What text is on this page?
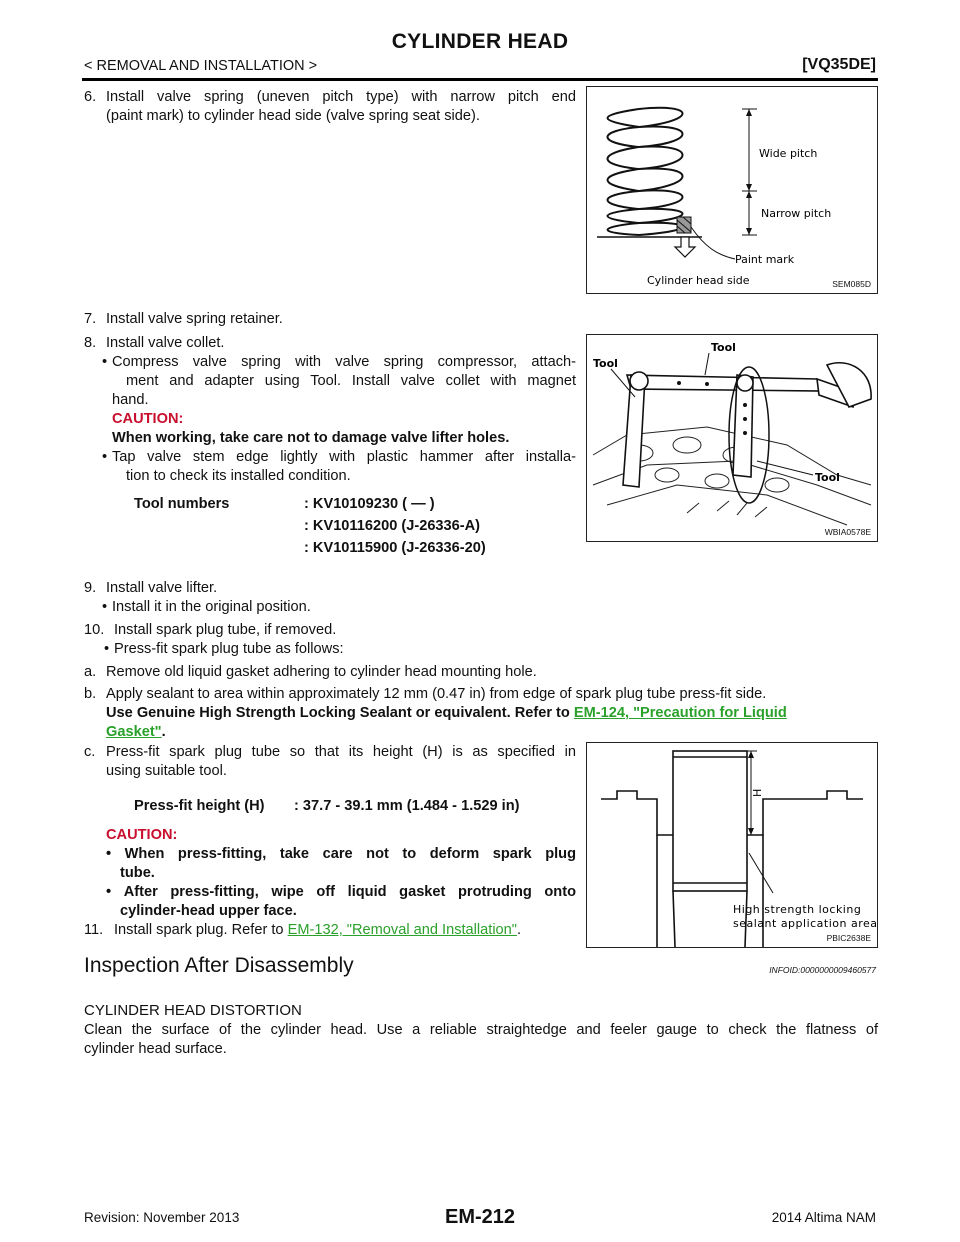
CYLINDER HEAD
< REMOVAL AND INSTALLATION >	[VQ35DE]
6. Install valve spring (uneven pitch type) with narrow pitch end
(paint mark) to cylinder head side (valve spring seat side).
Wide pitch
Narrow pitch
Paint mark
Cylinder head side	SEM085D
7. Install valve spring retainer.
8. Install valve collet.
• Compress valve spring with valve spring compressor, attach-
ment and adapter using Tool. Install valve collet with magnet
hand.
CAUTION:
When working, take care not to damage valve lifter holes.
• Tap valve stem edge lightly with plastic hammer after installa-
tion to check its installed condition.
Tool numbers	: KV10109230 ( — )
	: KV10116200 (J-26336-A)
	: KV10115900 (J-26336-20)
Tool
Tool
Tool
WBIA0578E
9. Install valve lifter.
• Install it in the original position.
10. Install spark plug tube, if removed.
• Press-fit spark plug tube as follows:
a. Remove old liquid gasket adhering to cylinder head mounting hole.
b. Apply sealant to area within approximately 12 mm (0.47 in) from edge of spark plug tube press-fit side.
Use Genuine High Strength Locking Sealant or equivalent. Refer to EM-124, "Precaution for Liquid
Gasket".
c. Press-fit spark plug tube so that its height (H) is as specified in
using suitable tool.
Press-fit height (H)	: 37.7 - 39.1 mm (1.484 - 1.529 in)
CAUTION:
• When press-fitting, take care not to deform spark plug
tube.
• After press-fitting, wipe off liquid gasket protruding onto
cylinder-head upper face.
11. Install spark plug. Refer to EM-132, "Removal and Installation".
H
High strength locking
sealant application area
PBIC2638E
Inspection After Disassembly	INFOID:0000000009460577
CYLINDER HEAD DISTORTION
Clean the surface of the cylinder head. Use a reliable straightedge and feeler gauge to check the flatness of
cylinder head surface.
Revision: November 2013	EM-212	2014 Altima NAM
